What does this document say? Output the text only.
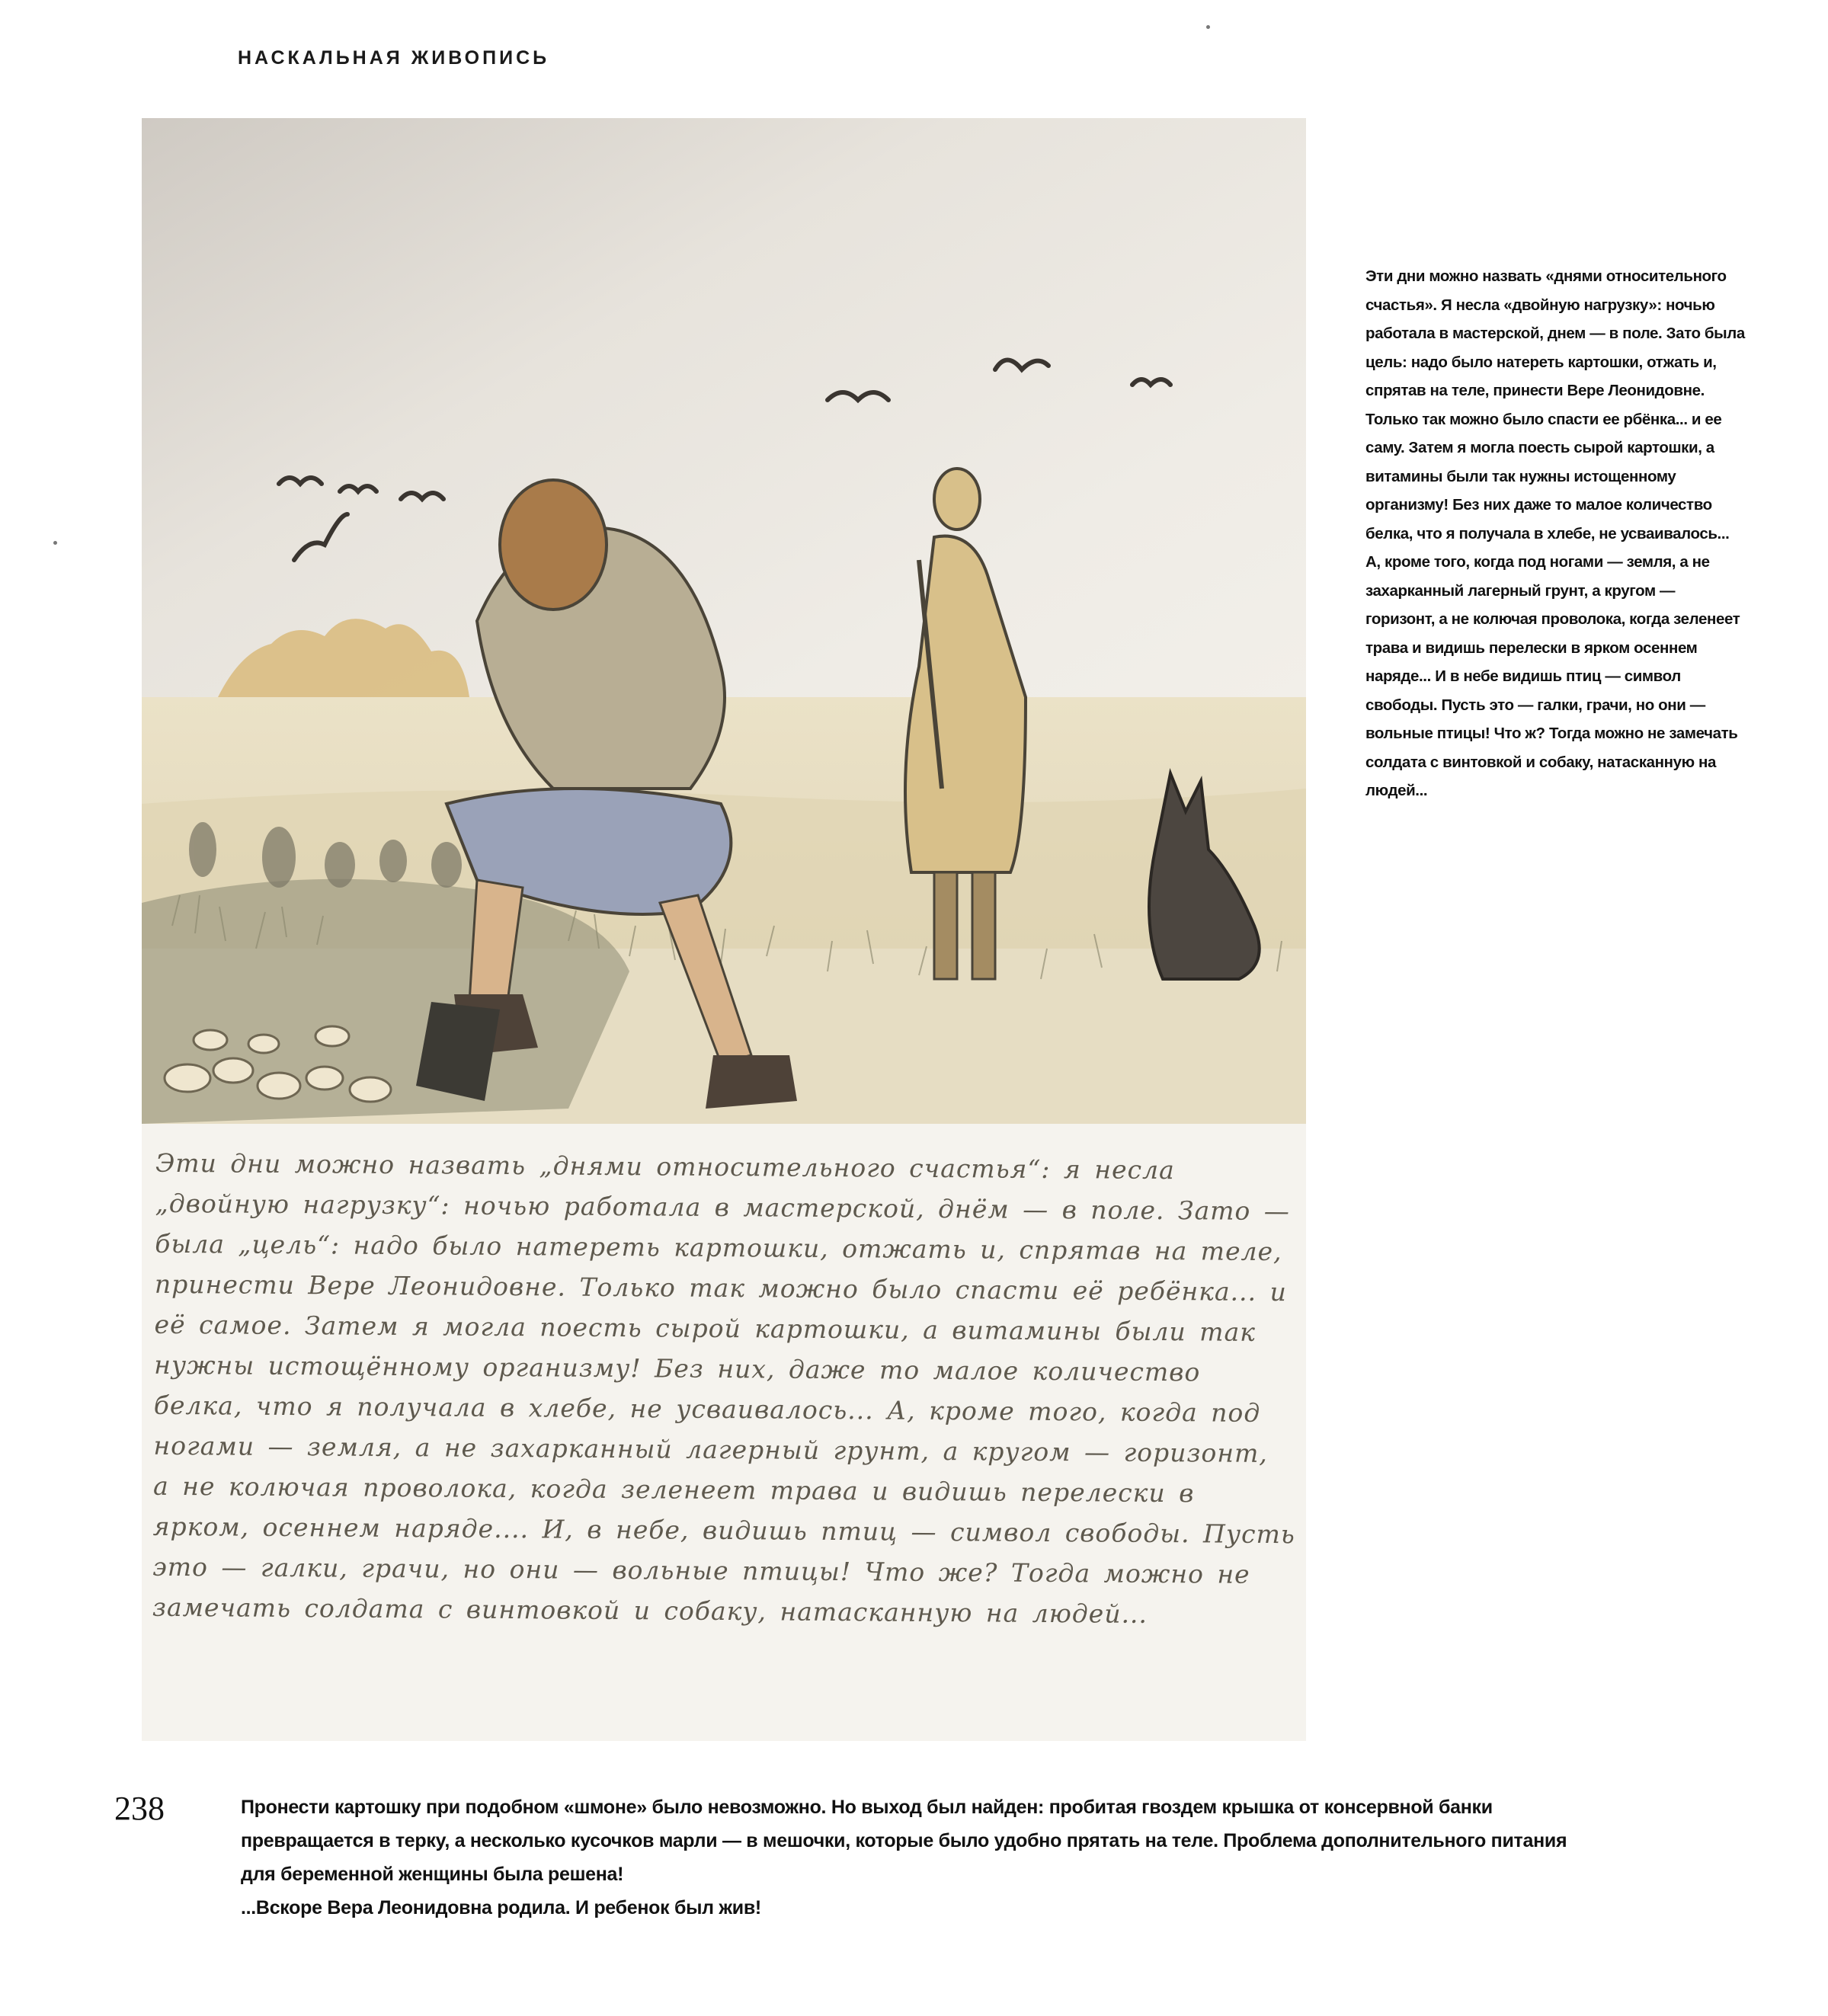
НАСКАЛЬНАЯ ЖИВОПИСЬ
Эти дни можно назвать „днями относительного счастья“: я несла „двойную нагрузку“: ночью работала в мастерской, днём — в поле. Зато — была „цель“: надо было натереть картошки, отжать и, спрятав на теле, принести Вере Леонидовне. Только так можно было спасти её ребёнка... и её самое. Затем я могла поесть сырой картошки, а витамины были так нужны истощённому организму! Без них, даже то малое количество белка, что я получала в хлебе, не усваивалось... А, кроме того, когда под ногами — земля, а не захарканный лагерный грунт, а кругом — горизонт, а не колючая проволока, когда зеленеет трава и видишь перелески в ярком, осеннем наряде.... И, в небе, видишь птиц — символ свободы. Пусть это — галки, грачи, но они — вольные птицы! Что же? Тогда можно не замечать солдата с винтовкой и собаку, натасканную на людей...
Эти дни можно назвать «днями относительного счастья». Я несла «двойную нагрузку»: ночью работала в мастерской, днем — в поле. Зато была цель: надо было натереть картошки, отжать и, спрятав на теле, принести Вере Леонидовне. Только так можно было спасти ее рбёнка... и ее саму. Затем я могла поесть сырой картошки, а витамины были так нужны истощенному организму! Без них даже то малое количество белка, что я получала в хлебе, не усваивалось... А, кроме того, когда под ногами — земля, а не захарканный лагерный грунт, а кругом — горизонт, а не колючая проволока, когда зеленеет трава и видишь перелески в ярком осеннем наряде... И в небе видишь птиц — символ свободы. Пусть это — галки, грачи, но они — вольные птицы! Что ж? Тогда можно не замечать солдата с винтовкой и собаку, натасканную на людей...
238	Пронести картошку при подобном «шмоне» было невозможно. Но выход был найден: пробитая гвоздем крышка от консервной банки превращается в терку, а несколько кусочков марли — в мешочки, которые было удобно прятать на теле. Проблема дополнительного питания для беременной женщины была решена!

...Вскоре Вера Леонидовна родила. И ребенок был жив!
